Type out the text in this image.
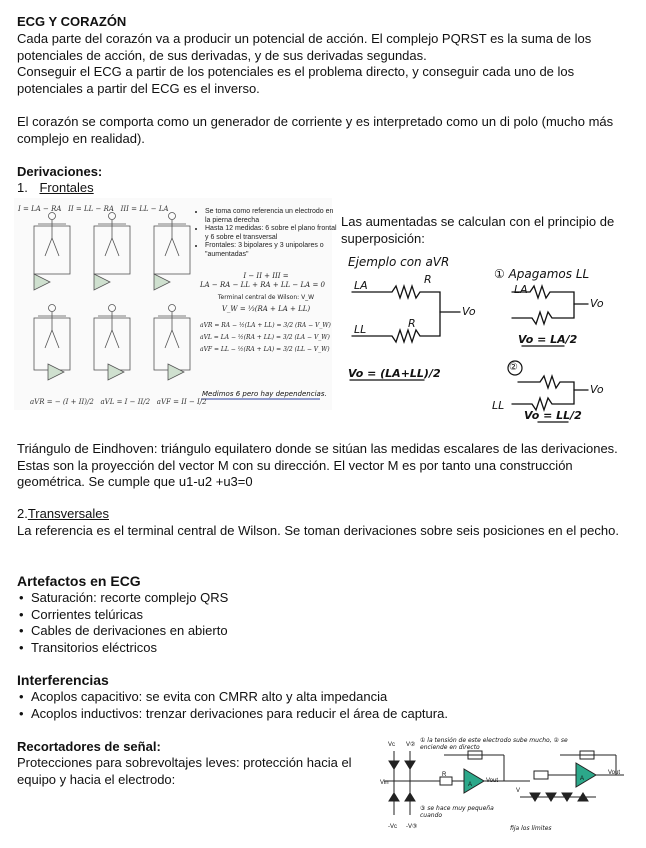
ECG Y CORAZÓN
Cada parte del corazón va a producir un potencial de acción. El complejo PQRST es la suma de los potenciales de acción, de sus derivadas, y de sus derivadas segundas.
Conseguir el ECG a partir de los potenciales es el problema directo, y conseguir cada uno de los potenciales a partir del ECG es el inverso.
El corazón se comporta como un generador de corriente y es interpretado como un di polo (mucho más complejo en realidad).
Derivaciones:
1. Frontales
I = LA − RA II = LL − RA III = LL − LA
•	Se toma como referencia un electrodo en la pierna derecha
• Hasta 12 medidas: 6 sobre el plano frontal y 6 sobre el transversal
• Frontales: 3 bipolares y 3 unipolares o "aumentadas"
I − II + III =
LA − RA − LL + RA + LL − LA = 0
Terminal central de Wilson: V_W
V_W = ⅓(RA + LA + LL)
aVR = RA − ½(LA + LL) = 3/2 (RA − V_W)
aVL = LA − ½(RA + LL) = 3/2 (LA − V_W)
aVF = LL − ½(RA + LA) = 3/2 (LL − V_W)
Medimos 6 pero hay dependencias.
aVR = − (I + II)/2 aVL = I − II/2 aVF = II − I/2
Las aumentadas se calculan con el principio de superposición:
Ejemplo con aVR
① Apagamos LL
LA	R
R
LL
Vo
LA
Vo
Vo = LA/2
Vo = (LA+LL)/2	②
Vo
LL
Vo = LL/2
Triángulo de Eindhoven: triángulo equilatero donde se sitúan las medidas escalares de las derivaciones. Estas son la proyección del vector M con su dirección. El vector M es por tanto una construcción geométrica. Se cumple que u1-u2 +u3=0
2.Transversales
La referencia es el terminal central de Wilson. Se toman derivaciones sobre seis posiciones en el pecho.
Artefactos en ECG
• Saturación: recorte complejo QRS
• Corrientes telúricas
• Cables de derivaciones en abierto
• Transitorios eléctricos
Interferencias
• Acoplos capacitivo: se evita con CMRR alto y alta impedancia
• Acoplos inductivos: trenzar derivaciones para reducir el área de captura.
Recortadores de señal:
Protecciones para sobrevoltajes leves: protección hacia el equipo y hacia el electrodo:
Vc V②
① la tensión de este electrodo sube mucho, ② se enciende en directo
Vin
R
A
Vout
V
A
Vout
-Vc -V③
③ se hace muy pequeña cuando
fija los límites
